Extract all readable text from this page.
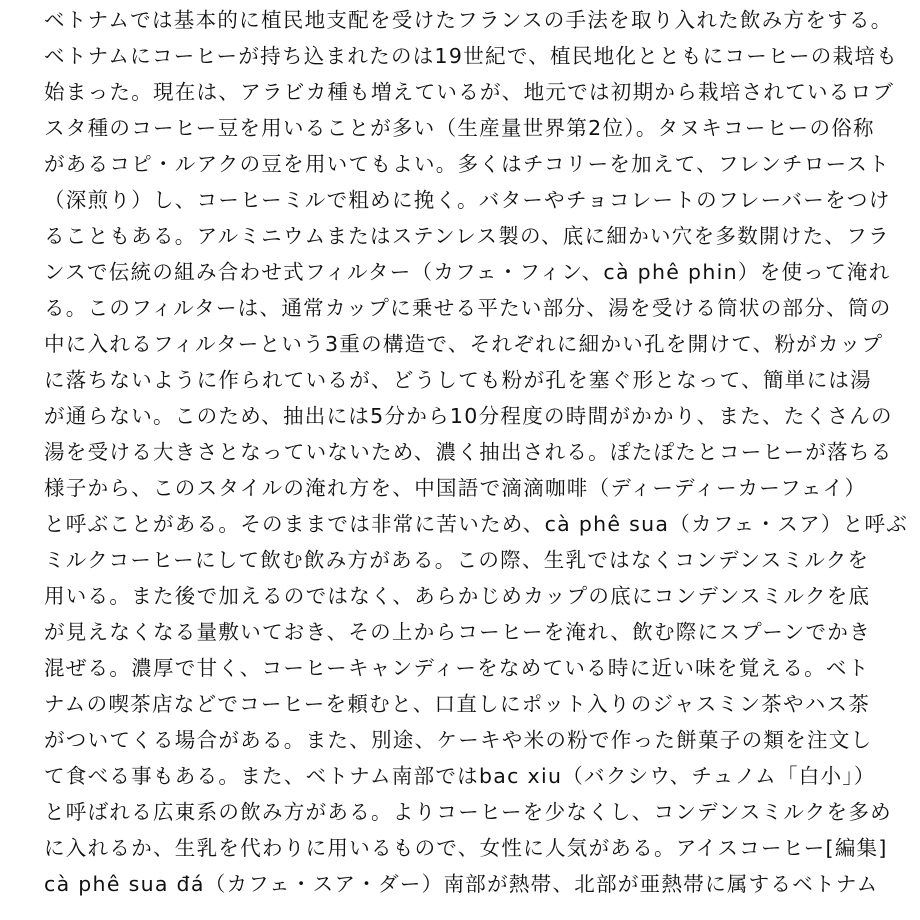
ベトナムでは基本的に植民地支配を受けたフランスの手法を取り入れた飲み方をする。
ベトナムにコーヒーが持ち込まれたのは19世紀で、植民地化とともにコーヒーの栽培も
始まった。現在は、アラビカ種も増えているが、地元では初期から栽培されているロブ
スタ種のコーヒー豆を用いることが多い（生産量世界第2位）。タヌキコーヒーの俗称
があるコピ・ルアクの豆を用いてもよい。多くはチコリーを加えて、フレンチロースト
（深煎り）し、コーヒーミルで粗めに挽く。バターやチョコレートのフレーバーをつけ
ることもある。アルミニウムまたはステンレス製の、底に細かい穴を多数開けた、フラ
ンスで伝統の組み合わせ式フィルター（カフェ・フィン、cà phê phin）を使って淹れ
る。このフィルターは、通常カップに乗せる平たい部分、湯を受ける筒状の部分、筒の
中に入れるフィルターという3重の構造で、それぞれに細かい孔を開けて、粉がカップ
に落ちないように作られているが、どうしても粉が孔を塞ぐ形となって、簡単には湯
が通らない。このため、抽出には5分から10分程度の時間がかかり、また、たくさんの
湯を受ける大きさとなっていないため、濃く抽出される。ぽたぽたとコーヒーが落ちる
様子から、このスタイルの淹れ方を、中国語で滴滴咖啡（ディーディーカーフェイ）
と呼ぶことがある。そのままでは非常に苦いため、cà phê sua（カフェ・スア）と呼ぶ
ミルクコーヒーにして飲む飲み方がある。この際、生乳ではなくコンデンスミルクを
用いる。また後で加えるのではなく、あらかじめカップの底にコンデンスミルクを底
が見えなくなる量敷いておき、その上からコーヒーを淹れ、飲む際にスプーンでかき
混ぜる。濃厚で甘く、コーヒーキャンディーをなめている時に近い味を覚える。ベト
ナムの喫茶店などでコーヒーを頼むと、口直しにポット入りのジャスミン茶やハス茶
がついてくる場合がある。また、別途、ケーキや米の粉で作った餅菓子の類を注文し
て食べる事もある。また、ベトナム南部ではbac xiu（バクシウ、チュノム「白小」）
と呼ばれる広東系の飲み方がある。よりコーヒーを少なくし、コンデンスミルクを多め
に入れるか、生乳を代わりに用いるもので、女性に人気がある。アイスコーヒー[編集]
cà phê sua đá（カフェ・スア・ダー）南部が熱帯、北部が亜熱帯に属するベトナム
